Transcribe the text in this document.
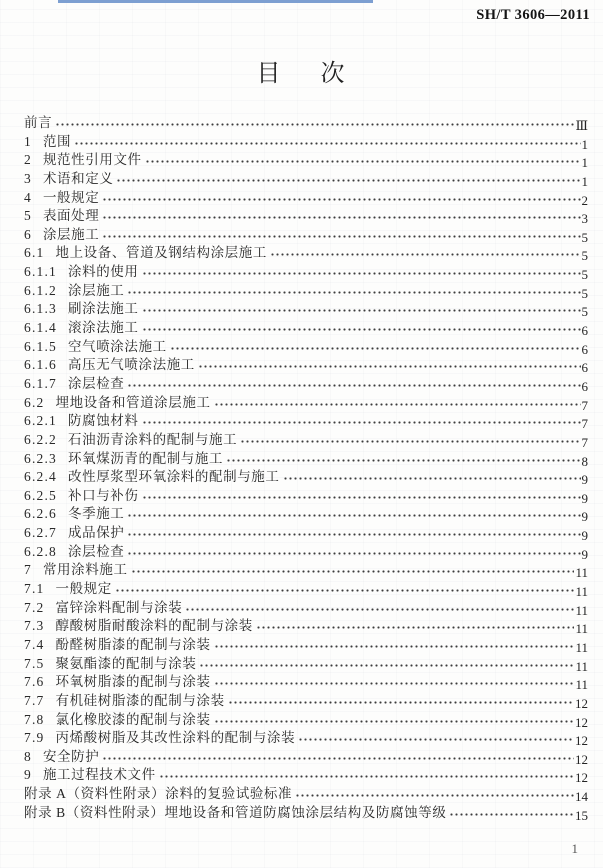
SH/T 3606—2011
目 次
前言	Ⅲ
1 范围	1
2 规范性引用文件	1
3 术语和定义	1
4 一般规定	2
5 表面处理	3
6 涂层施工	5
6.1 地上设备、管道及钢结构涂层施工	5
6.1.1 涂料的使用	5
6.1.2 涂层施工	5
6.1.3 刷涂法施工	5
6.1.4 滚涂法施工	6
6.1.5 空气喷涂法施工	6
6.1.6 高压无气喷涂法施工	6
6.1.7 涂层检查	6
6.2 埋地设备和管道涂层施工	7
6.2.1 防腐蚀材料	7
6.2.2 石油沥青涂料的配制与施工	7
6.2.3 环氧煤沥青的配制与施工	8
6.2.4 改性厚浆型环氧涂料的配制与施工	9
6.2.5 补口与补伤	9
6.2.6 冬季施工	9
6.2.7 成品保护	9
6.2.8 涂层检查	9
7 常用涂料施工	11
7.1 一般规定	11
7.2 富锌涂料配制与涂装	11
7.3 醇酸树脂耐酸涂料的配制与涂装	11
7.4 酚醛树脂漆的配制与涂装	11
7.5 聚氨酯漆的配制与涂装	11
7.6 环氧树脂漆的配制与涂装	11
7.7 有机硅树脂漆的配制与涂装	12
7.8 氯化橡胶漆的配制与涂装	12
7.9 丙烯酸树脂及其改性涂料的配制与涂装	12
8 安全防护	12
9 施工过程技术文件	12
附录 A（资料性附录）涂料的复验试验标准	14
附录 B（资料性附录）埋地设备和管道防腐蚀涂层结构及防腐蚀等级	15
1
